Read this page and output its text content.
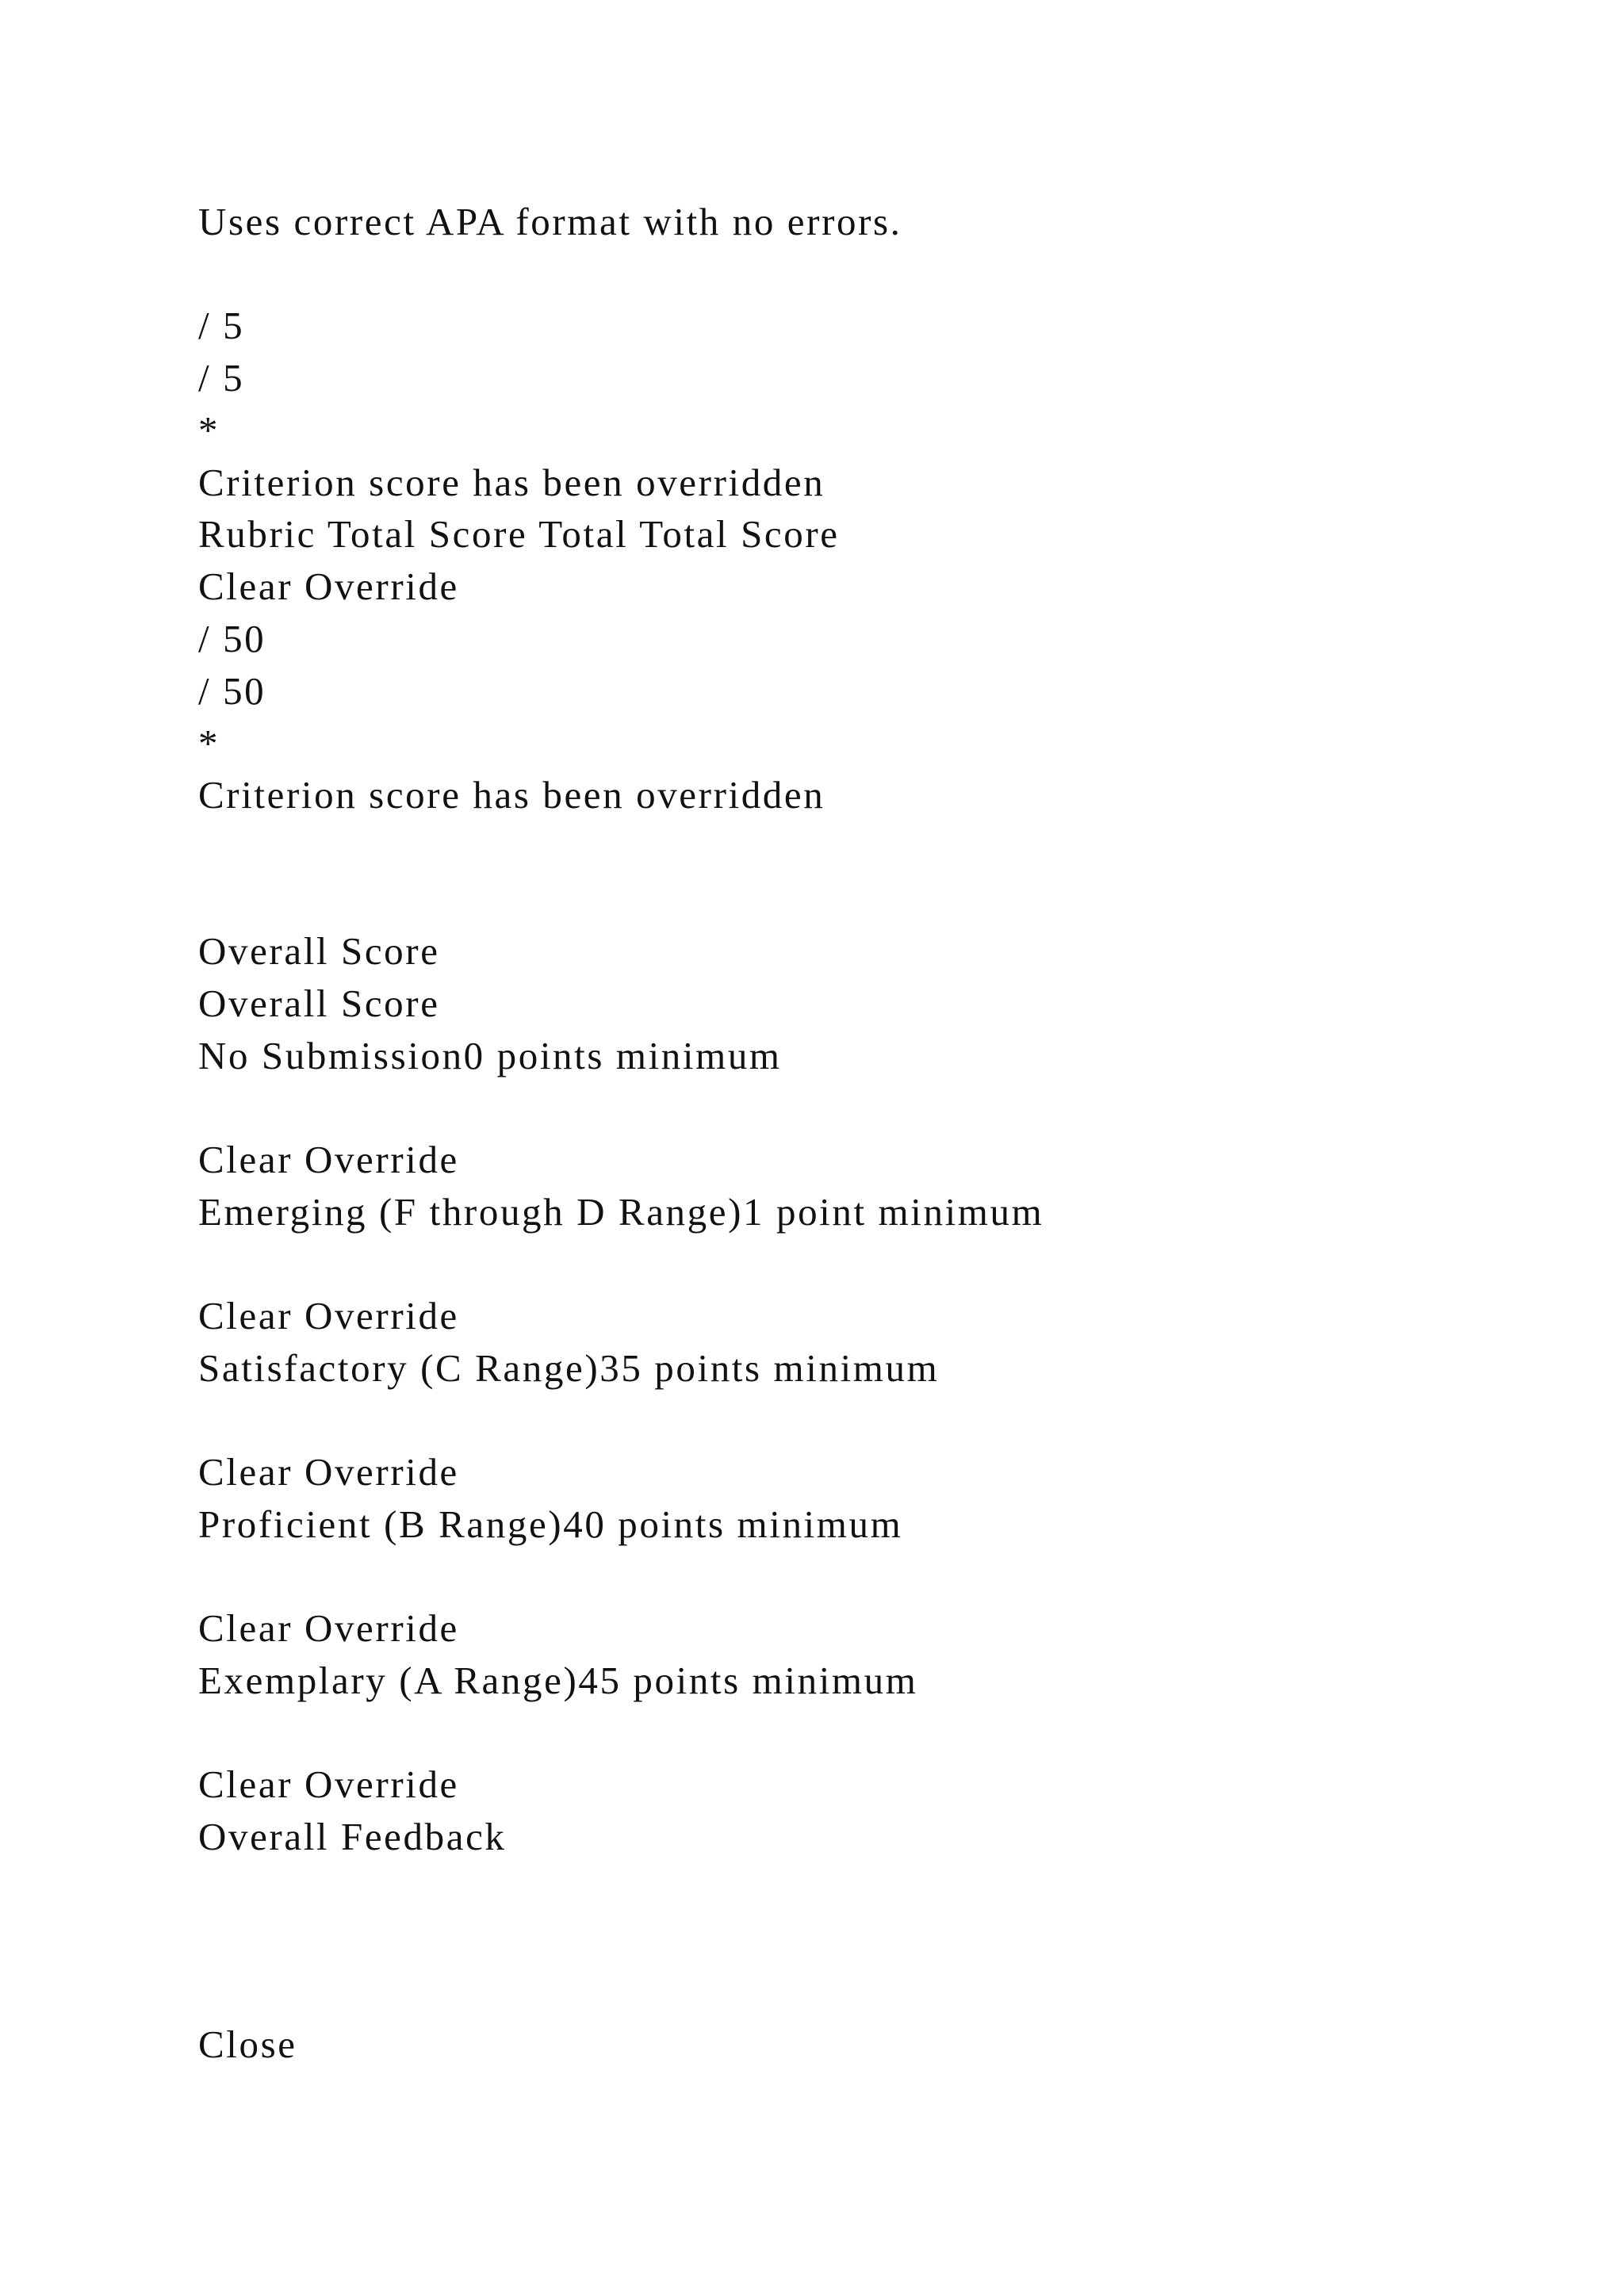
Uses correct APA format with no errors.

/ 5

/ 5

*

Criterion score has been overridden

Rubric Total Score Total Total Score

Clear Override

/ 50

/ 50

*

Criterion score has been overridden

Overall Score

Overall Score

No Submission0 points minimum

Clear Override

Emerging (F through D Range)1 point minimum

Clear Override

Satisfactory (C Range)35 points minimum

Clear Override

Proficient (B Range)40 points minimum

Clear Override

Exemplary (A Range)45 points minimum

Clear Override

Overall Feedback

Close
